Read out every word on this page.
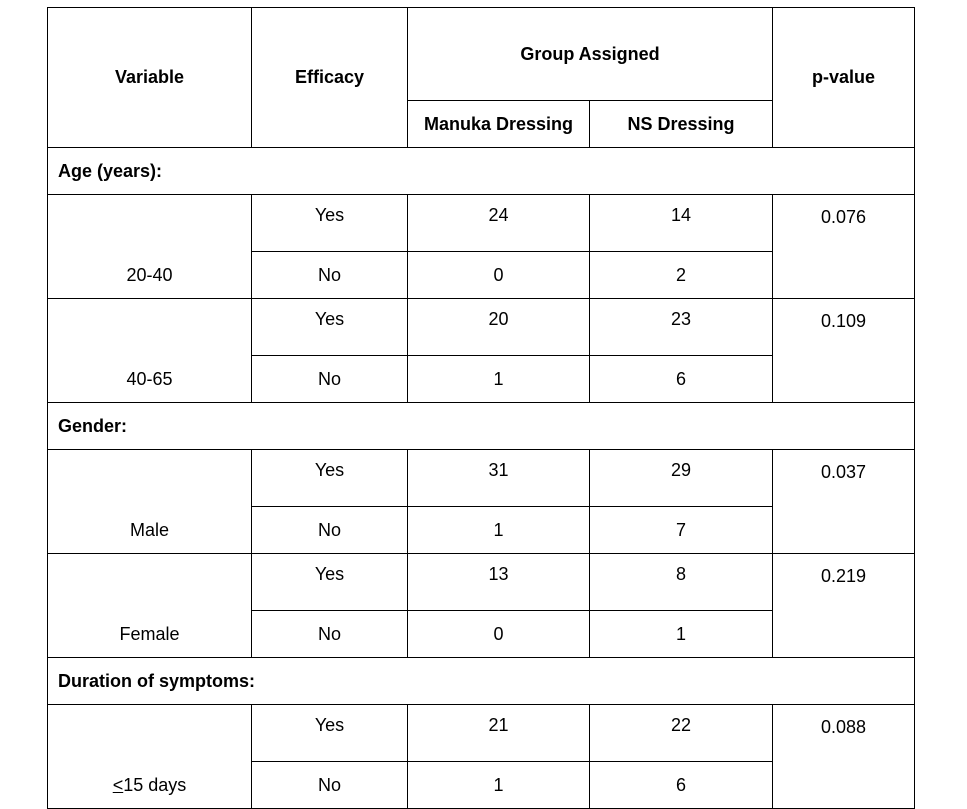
Variable	Efficacy	Group Assigned		p-value
		Manuka Dressing	NS Dressing	
Age (years):				
20-40	Yes	24	14	0.076
	No	0	2	
40-65	Yes	20	23	0.109
	No	1	6	
Gender:				
Male	Yes	31	29	0.037
	No	1	7	
Female	Yes	13	8	0.219
	No	0	1	
Duration of symptoms:				
≤15 days	Yes	21	22	0.088
	No	1	6	
